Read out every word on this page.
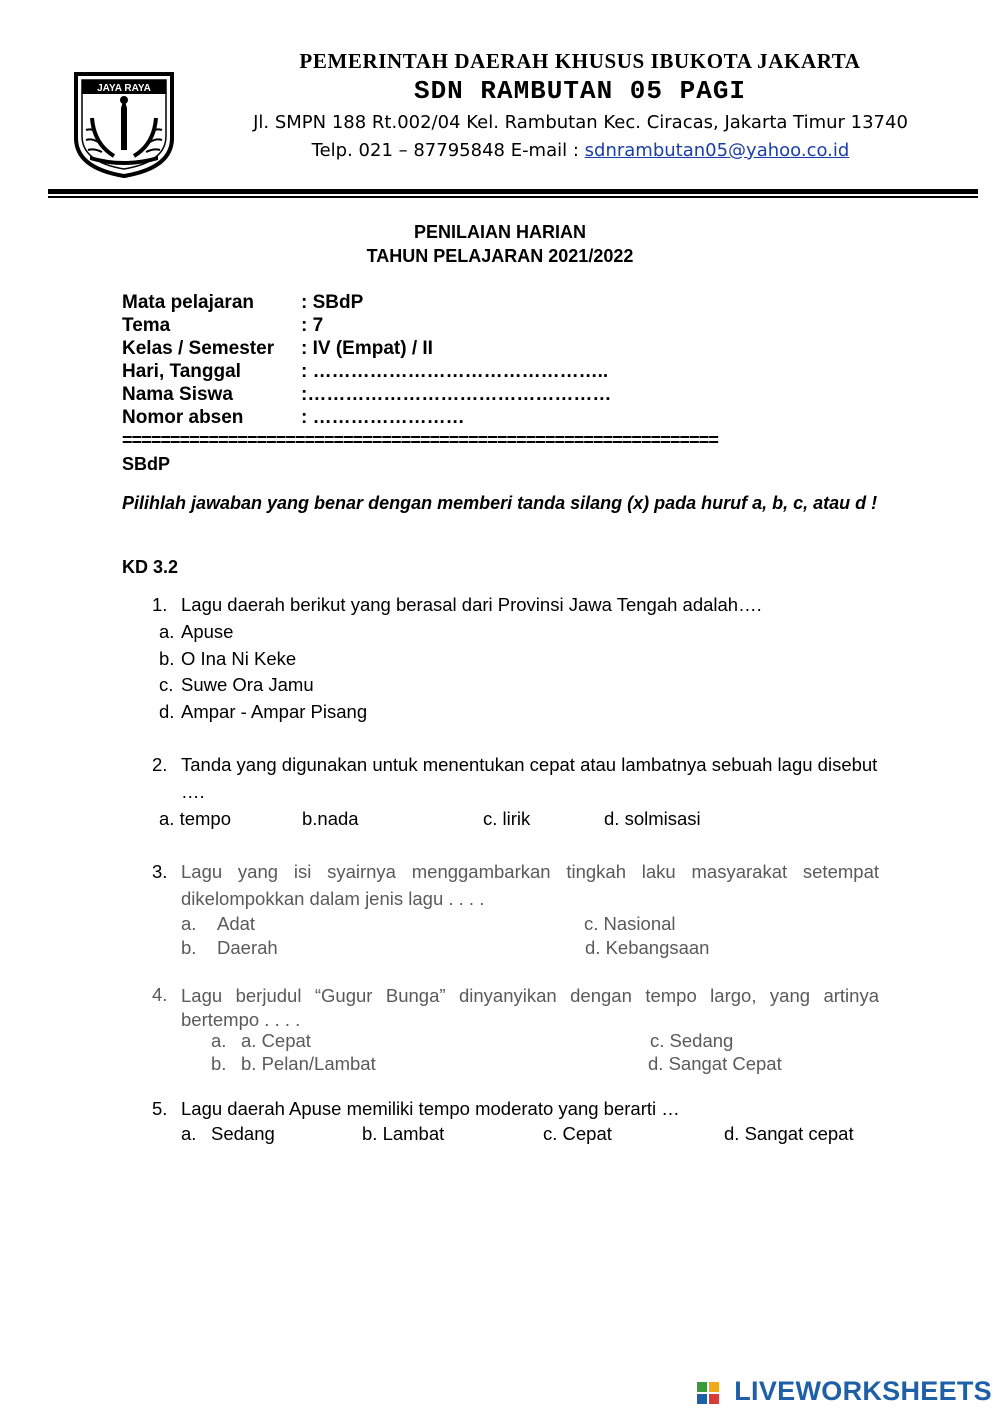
JAYA RAYA
PEMERINTAH DAERAH KHUSUS IBUKOTA JAKARTA
SDN RAMBUTAN 05 PAGI
Jl. SMPN 188 Rt.002/04 Kel. Rambutan Kec. Ciracas, Jakarta Timur 13740
Telp. 021 – 87795848 E-mail : sdnrambutan05@yahoo.co.id
PENILAIAN HARIAN
TAHUN PELAJARAN 2021/2022
Mata pelajaran : SBdP
Tema	: 7
Kelas / Semester : IV (Empat) / II
Hari, Tanggal	: ………………………………………..
Nama Siswa	:…………………………………………
Nomor absen	: ……………………
==============================================================
SBdP
Pilihlah jawaban yang benar dengan memberi tanda silang (x) pada huruf a, b, c, atau d !
KD 3.2
1. Lagu daerah berikut yang berasal dari Provinsi Jawa Tengah adalah….
a. Apuse
b. O Ina Ni Keke
c. Suwe Ora Jamu
d. Ampar - Ampar Pisang
2. Tanda yang digunakan untuk menentukan cepat atau lambatnya sebuah lagu disebut ….
a. tempo	b.nada	c. lirik	d. solmisasi
3. Lagu yang isi syairnya menggambarkan tingkah laku masyarakat setempat dikelompokkan dalam jenis lagu . . . .
a. Adat
b. Daerah
c. Nasional
d. Kebangsaan
4. Lagu berjudul “Gugur Bunga” dinyanyikan dengan tempo largo, yang artinya bertempo . . . .
a. a. Cepat
b. b. Pelan/Lambat
c. Sedang
d. Sangat Cepat
5. Lagu daerah Apuse memiliki tempo moderato yang berarti …
a. Sedang	b. Lambat	c. Cepat	d. Sangat cepat
LIVEWORKSHEETS
